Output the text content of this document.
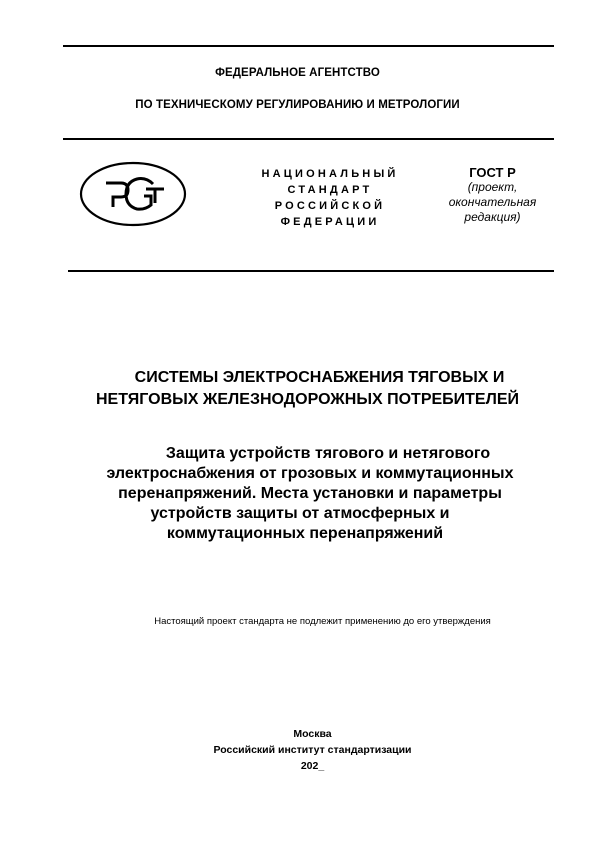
ФЕДЕРАЛЬНОЕ АГЕНТСТВО
ПО ТЕХНИЧЕСКОМУ РЕГУЛИРОВАНИЮ И МЕТРОЛОГИИ
НАЦИОНАЛЬНЫЙ
СТАНДАРТ
РОССИЙСКОЙ
ФЕДЕРАЦИИ
ГОСТ Р
(проект,
окончательная
редакция)
СИСТЕМЫ ЭЛЕКТРОСНАБЖЕНИЯ ТЯГОВЫХ И
НЕТЯГОВЫХ ЖЕЛЕЗНОДОРОЖНЫХ ПОТРЕБИТЕЛЕЙ
Защита устройств тягового и нетягового
электроснабжения от грозовых и коммутационных
перенапряжений. Места установки и параметры
устройств защиты от атмосферных и
коммутационных перенапряжений
Настоящий проект стандарта не подлежит применению до его утверждения
Москва
Российский институт стандартизации
202_
